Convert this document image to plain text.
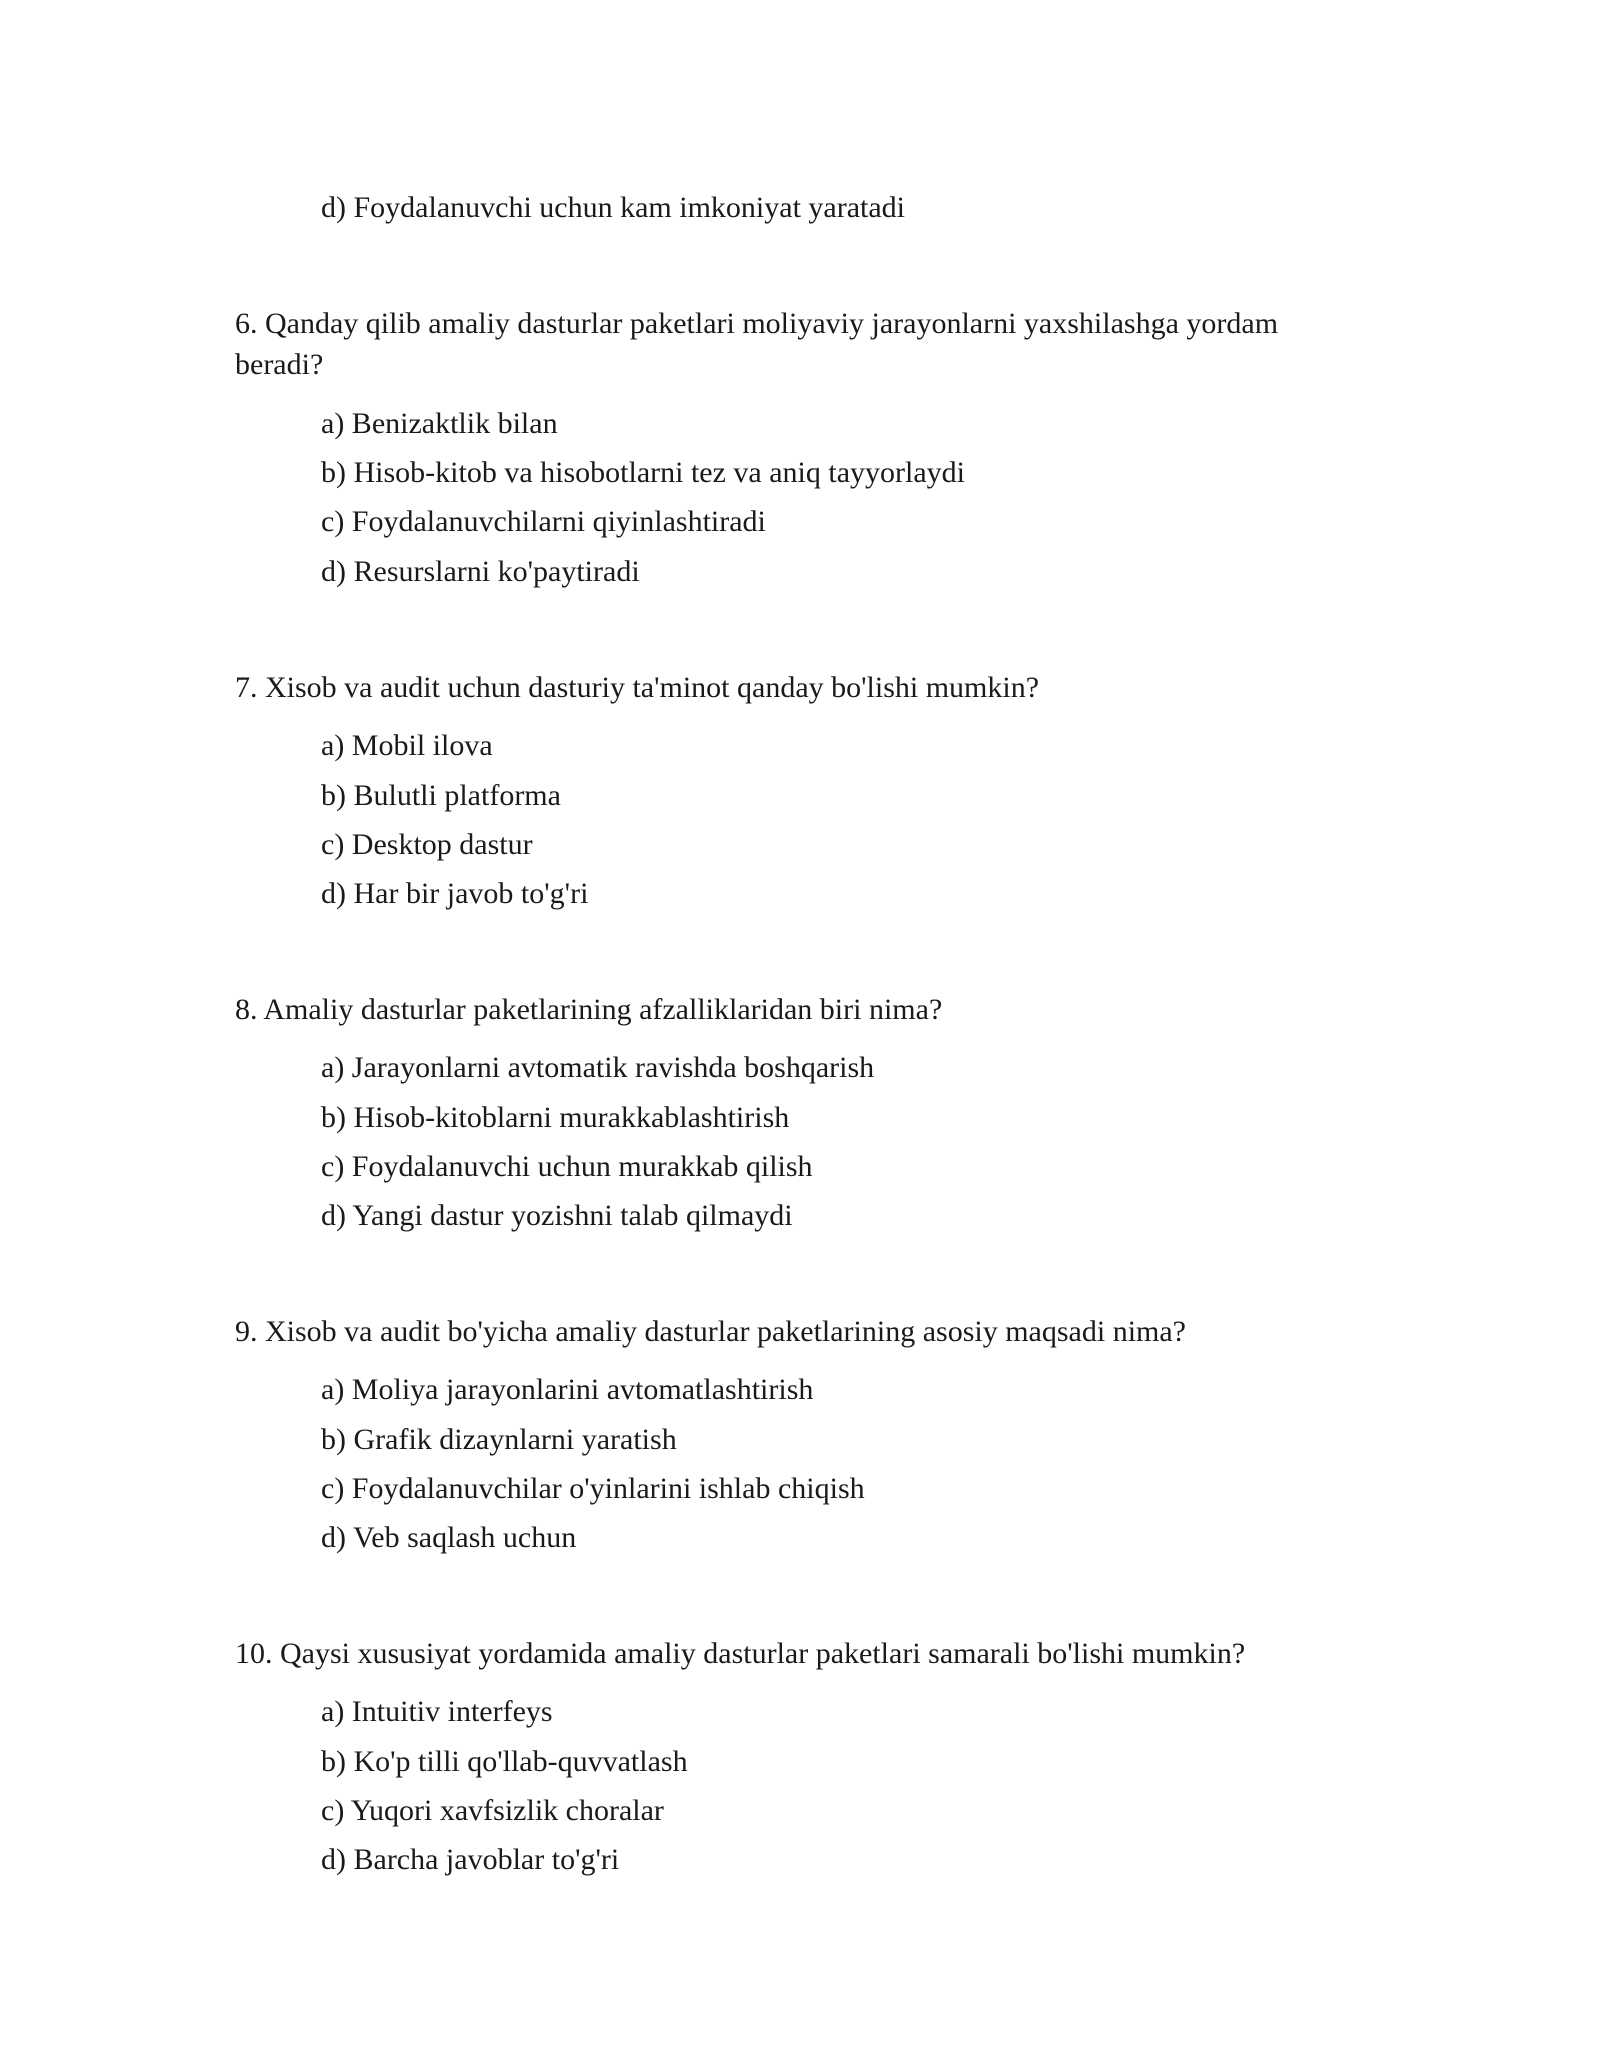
d) Foydalanuvchi uchun kam imkoniyat yaratadi

6. Qanday qilib amaliy dasturlar paketlari moliyaviy jarayonlarni yaxshilashga yordam

beradi?

a) Benizaktlik bilan

b) Hisob-kitob va hisobotlarni tez va aniq tayyorlaydi

c) Foydalanuvchilarni qiyinlashtiradi

d) Resurslarni ko'paytiradi

7. Xisob va audit uchun dasturiy ta'minot qanday bo'lishi mumkin?

a) Mobil ilova

b) Bulutli platforma

c) Desktop dastur

d) Har bir javob to'g'ri

8. Amaliy dasturlar paketlarining afzalliklaridan biri nima?

a) Jarayonlarni avtomatik ravishda boshqarish

b) Hisob-kitoblarni murakkablashtirish

c) Foydalanuvchi uchun murakkab qilish

d) Yangi dastur yozishni talab qilmaydi

9. Xisob va audit bo'yicha amaliy dasturlar paketlarining asosiy maqsadi nima?

a) Moliya jarayonlarini avtomatlashtirish

b) Grafik dizaynlarni yaratish

c) Foydalanuvchilar o'yinlarini ishlab chiqish

d) Veb saqlash uchun

10. Qaysi xususiyat yordamida amaliy dasturlar paketlari samarali bo'lishi mumkin?

a) Intuitiv interfeys

b) Ko'p tilli qo'llab-quvvatlash

c) Yuqori xavfsizlik choralar

d) Barcha javoblar to'g'ri
